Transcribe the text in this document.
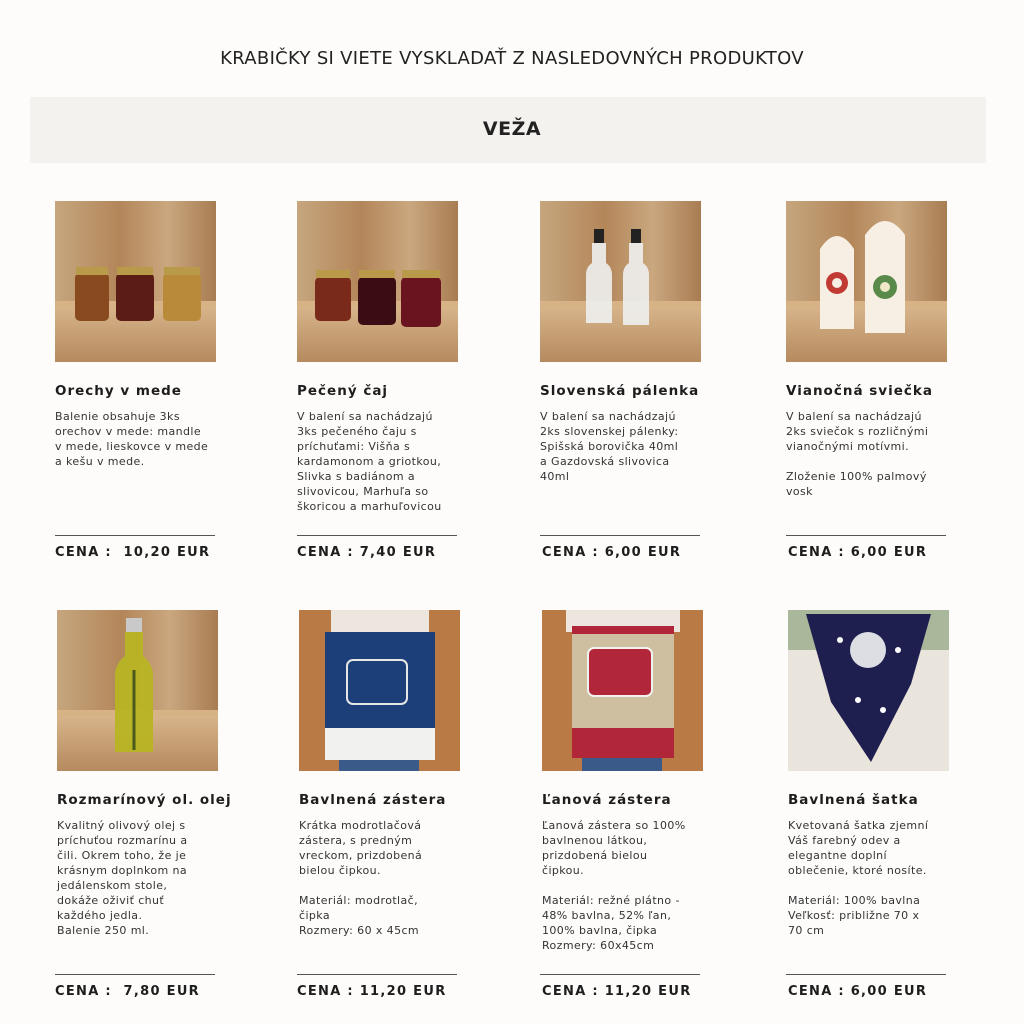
KRABIČKY SI VIETE VYSKLADAŤ Z NASLEDOVNÝCH PRODUKTOV
VEŽA
Orechy v mede
Balenie obsahuje 3ks
orechov v mede: mandle
v mede, lieskovce v mede
a kešu v mede.
Pečený čaj
V balení sa nachádzajú
3ks pečeného čaju s
príchuťami: Višňa s
kardamonom a griotkou,
Slivka s badiánom a
slivovicou, Marhuľa so
škoricou a marhuľovicou
Slovenská pálenka
V balení sa nachádzajú
2ks slovenskej pálenky:
Spišská borovička 40ml
a Gazdovská slivovica
40ml
Vianočná sviečka
V balení sa nachádzajú
2ks sviečok s rozličnými
vianočnými motívmi.

Zloženie 100% palmový
vosk
CENA :  10,20 EUR	CENA : 7,40 EUR	CENA : 6,00 EUR	CENA : 6,00 EUR
Rozmarínový ol. olej
Kvalitný olivový olej s
príchuťou rozmarínu a
čili. Okrem toho, že je
krásnym doplnkom na
jedálenskom stole,
dokáže oživiť chuť
každého jedla.
Balenie 250 ml.
Bavlnená zástera
Krátka modrotlačová
zástera, s predným
vreckom, prizdobená
bielou čipkou.

Materiál: modrotlač,
čipka
Rozmery: 60 x 45cm
Ľanová zástera
Ľanová zástera so 100%
bavlnenou látkou,
prizdobená bielou
čipkou.

Materiál: režné plátno -
48% bavlna, 52% ľan,
100% bavlna, čipka
Rozmery: 60x45cm
Bavlnená šatka
Kvetovaná šatka zjemní
Váš farebný odev a
elegantne doplní
oblečenie, ktoré nosíte.

Materiál: 100% bavlna
Veľkosť: približne 70 x
70 cm
CENA :  7,80 EUR	CENA : 11,20 EUR	CENA : 11,20 EUR	CENA : 6,00 EUR
